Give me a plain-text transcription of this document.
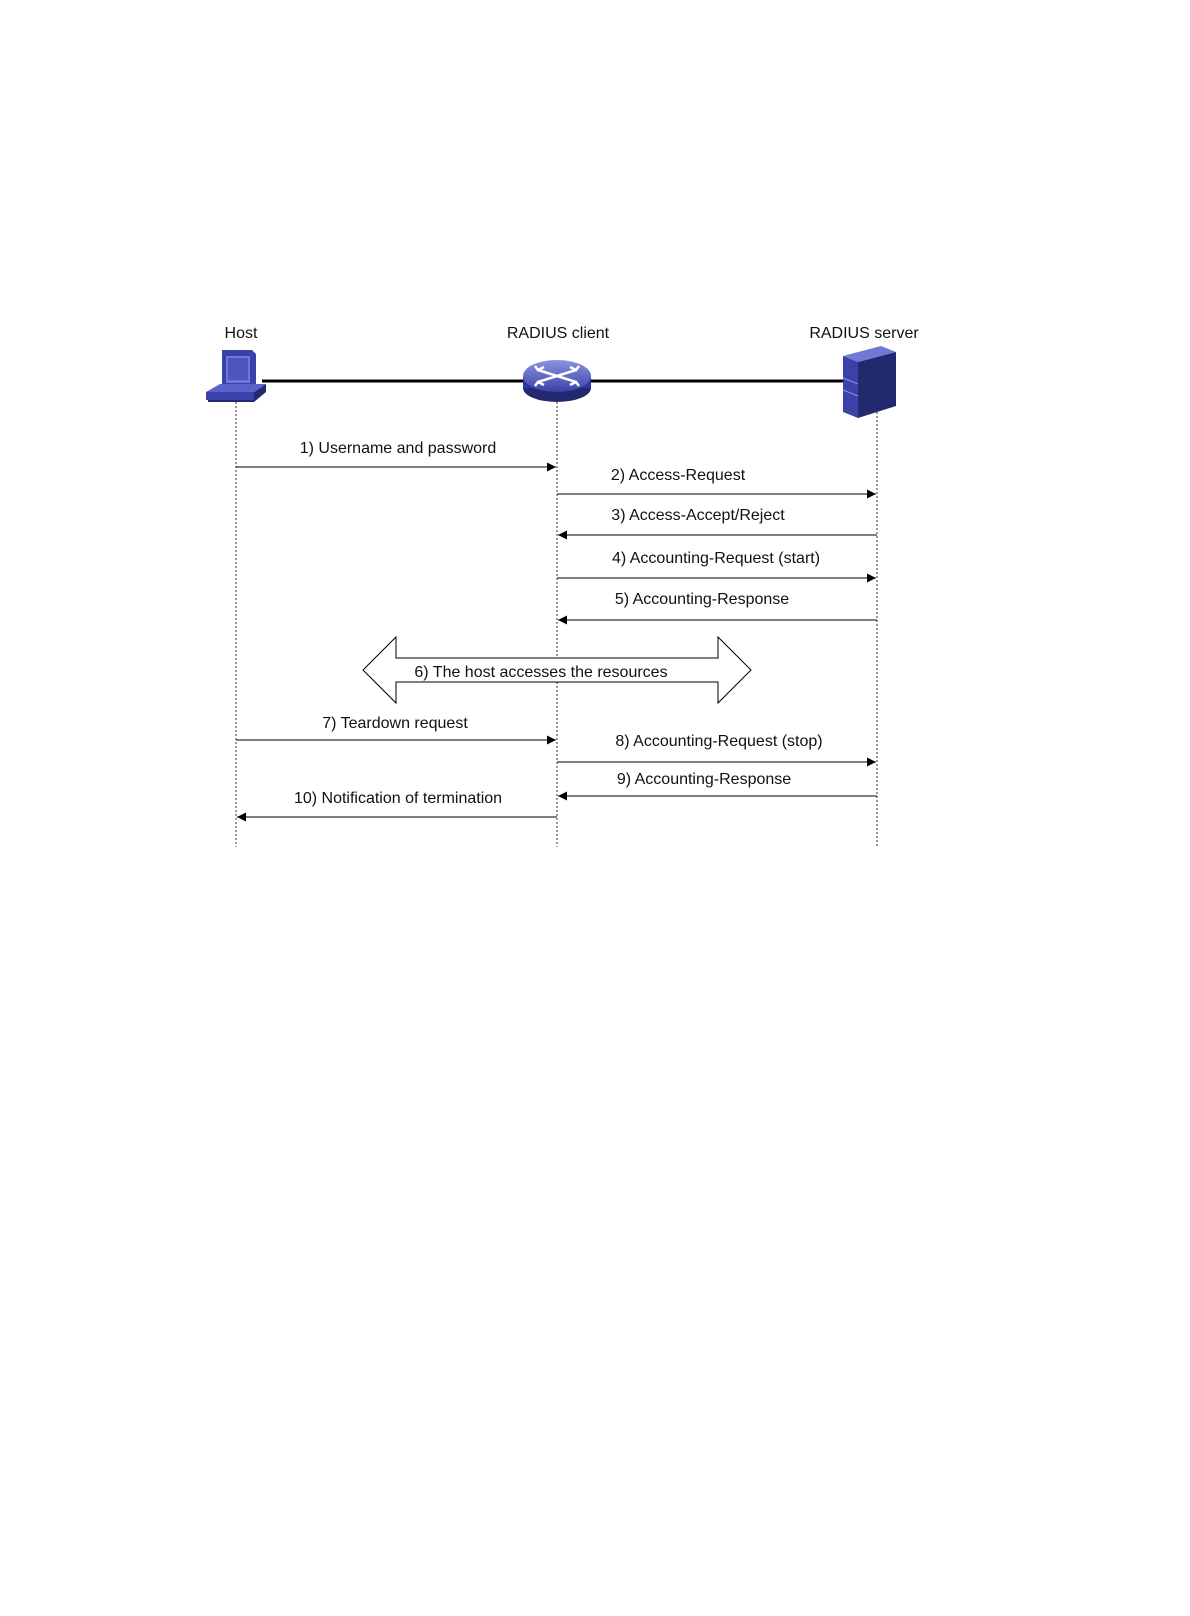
Host	RADIUS client	RADIUS server
1) Username and password
2) Access-Request
3) Access-Accept/Reject
4) Accounting-Request (start)
5) Accounting-Response
6) The host accesses the resources
7) Teardown request
8) Accounting-Request (stop)
9) Accounting-Response
10) Notification of termination
